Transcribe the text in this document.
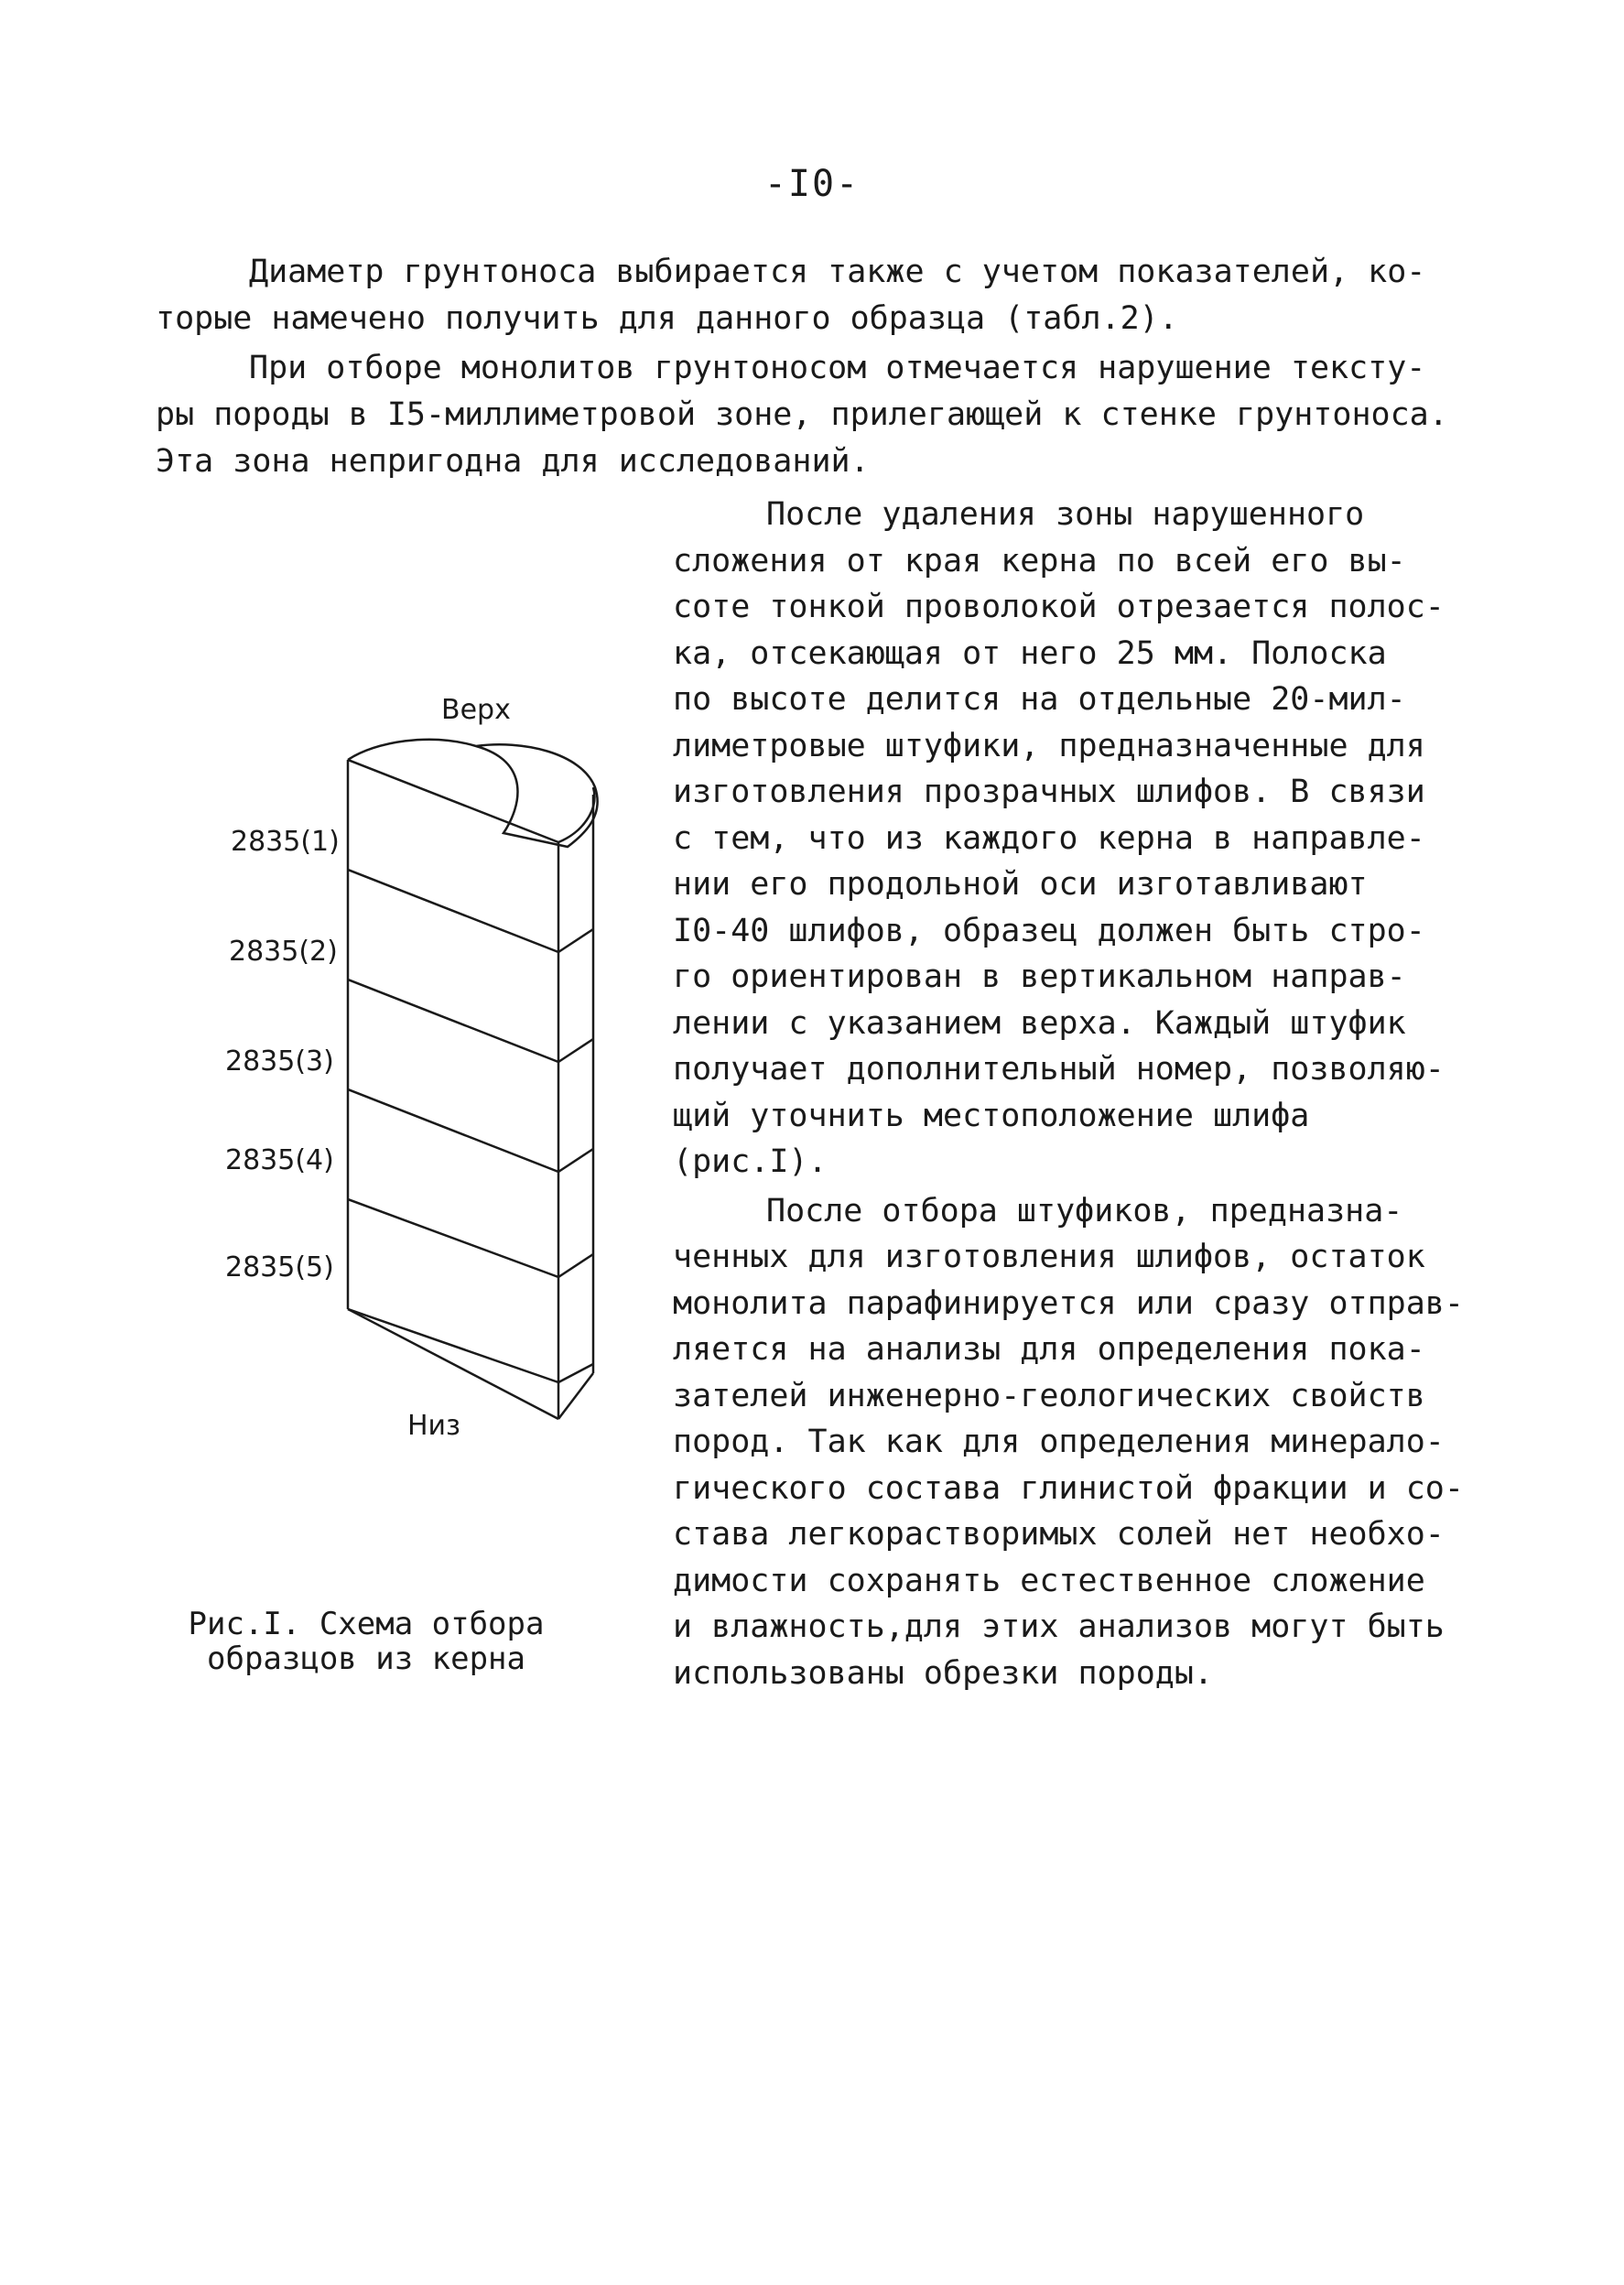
-I0-

Диаметр грунтоноса выбирается также с учетом показателей, ко-

торые намечено получить для данного образца (табл.2).

При отборе монолитов грунтоносом отмечается нарушение тексту-

ры породы в I5-миллиметровой зоне, прилегающей к стенке грунтоноса.

Эта зона непригодна для исследований.

После удаления зоны нарушенного

сложения от края керна по всей его вы-

соте тонкой проволокой отрезается полос-

ка, отсекающая от него 25 мм. Полоска

по высоте делится на отдельные 20-мил-

лиметровые штуфики, предназначенные для

изготовления прозрачных шлифов. В связи

с тем, что из каждого керна в направле-

нии его продольной оси изготавливают

I0-40 шлифов, образец должен быть стро-

го ориентирован в вертикальном направ-

лении с указанием верха. Каждый штуфик

получает дополнительный номер, позволяю-

щий уточнить местоположение шлифа

(рис.I).

После отбора штуфиков, предназна-

ченных для изготовления шлифов, остаток

монолита парафинируется или сразу отправ-

ляется на анализы для определения пока-

зателей инженерно-геологических свойств

пород. Так как для определения минерало-

гического состава глинистой фракции и со-

става легкорастворимых солей нет необхо-

димости сохранять естественное сложение

и влажность,для этих анализов могут быть

использованы обрезки породы.

Верх
2835(1)
2835(2)
2835(3)
2835(4)
2835(5)
Низ
Рис.I. Схема отбора
образцов из керна
